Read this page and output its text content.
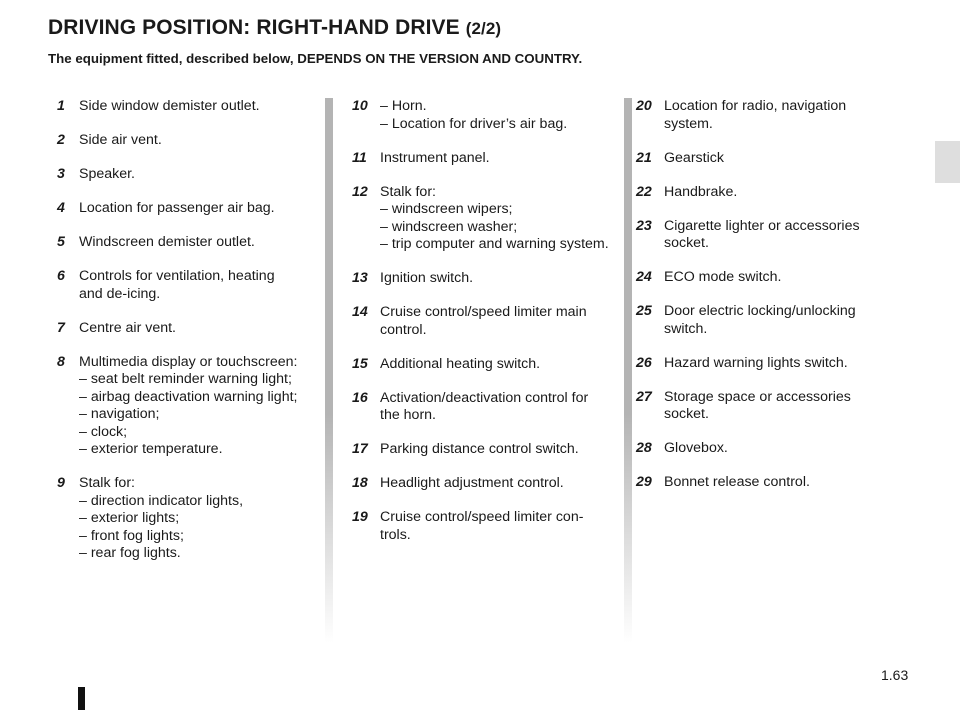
DRIVING POSITION: RIGHT-HAND DRIVE (2/2)
The equipment fitted, described below, DEPENDS ON THE VERSION AND COUNTRY.
1 Side window demister outlet.
2 Side air vent.
3 Speaker.
4 Location for passenger air bag.
5 Windscreen demister outlet.
6 Controls for ventilation, heating
and de-icing.
7 Centre air vent.
8 Multimedia display or touchscreen:
– seat belt reminder warning light;
– airbag deactivation warning light;
– navigation;
– clock;
– exterior temperature.
9 Stalk for:
– direction indicator lights,
– exterior lights;
– front fog lights;
– rear fog lights.
10 – Horn.
– Location for driver’s air bag.
11 Instrument panel.
12 Stalk for:
– windscreen wipers;
– windscreen washer;
– trip computer and warning system.
13 Ignition switch.
14 Cruise control/speed limiter main
control.
15 Additional heating switch.
16 Activation/deactivation control for
the horn.
17 Parking distance control switch.
18 Headlight adjustment control.
19 Cruise control/speed limiter con-
trols.
20 Location for radio, navigation
system.
21 Gearstick
22 Handbrake.
23 Cigarette lighter or accessories
socket.
24 ECO mode switch.
25 Door electric locking/unlocking
switch.
26 Hazard warning lights switch.
27 Storage space or accessories
socket.
28 Glovebox.
29 Bonnet release control.
1.63
